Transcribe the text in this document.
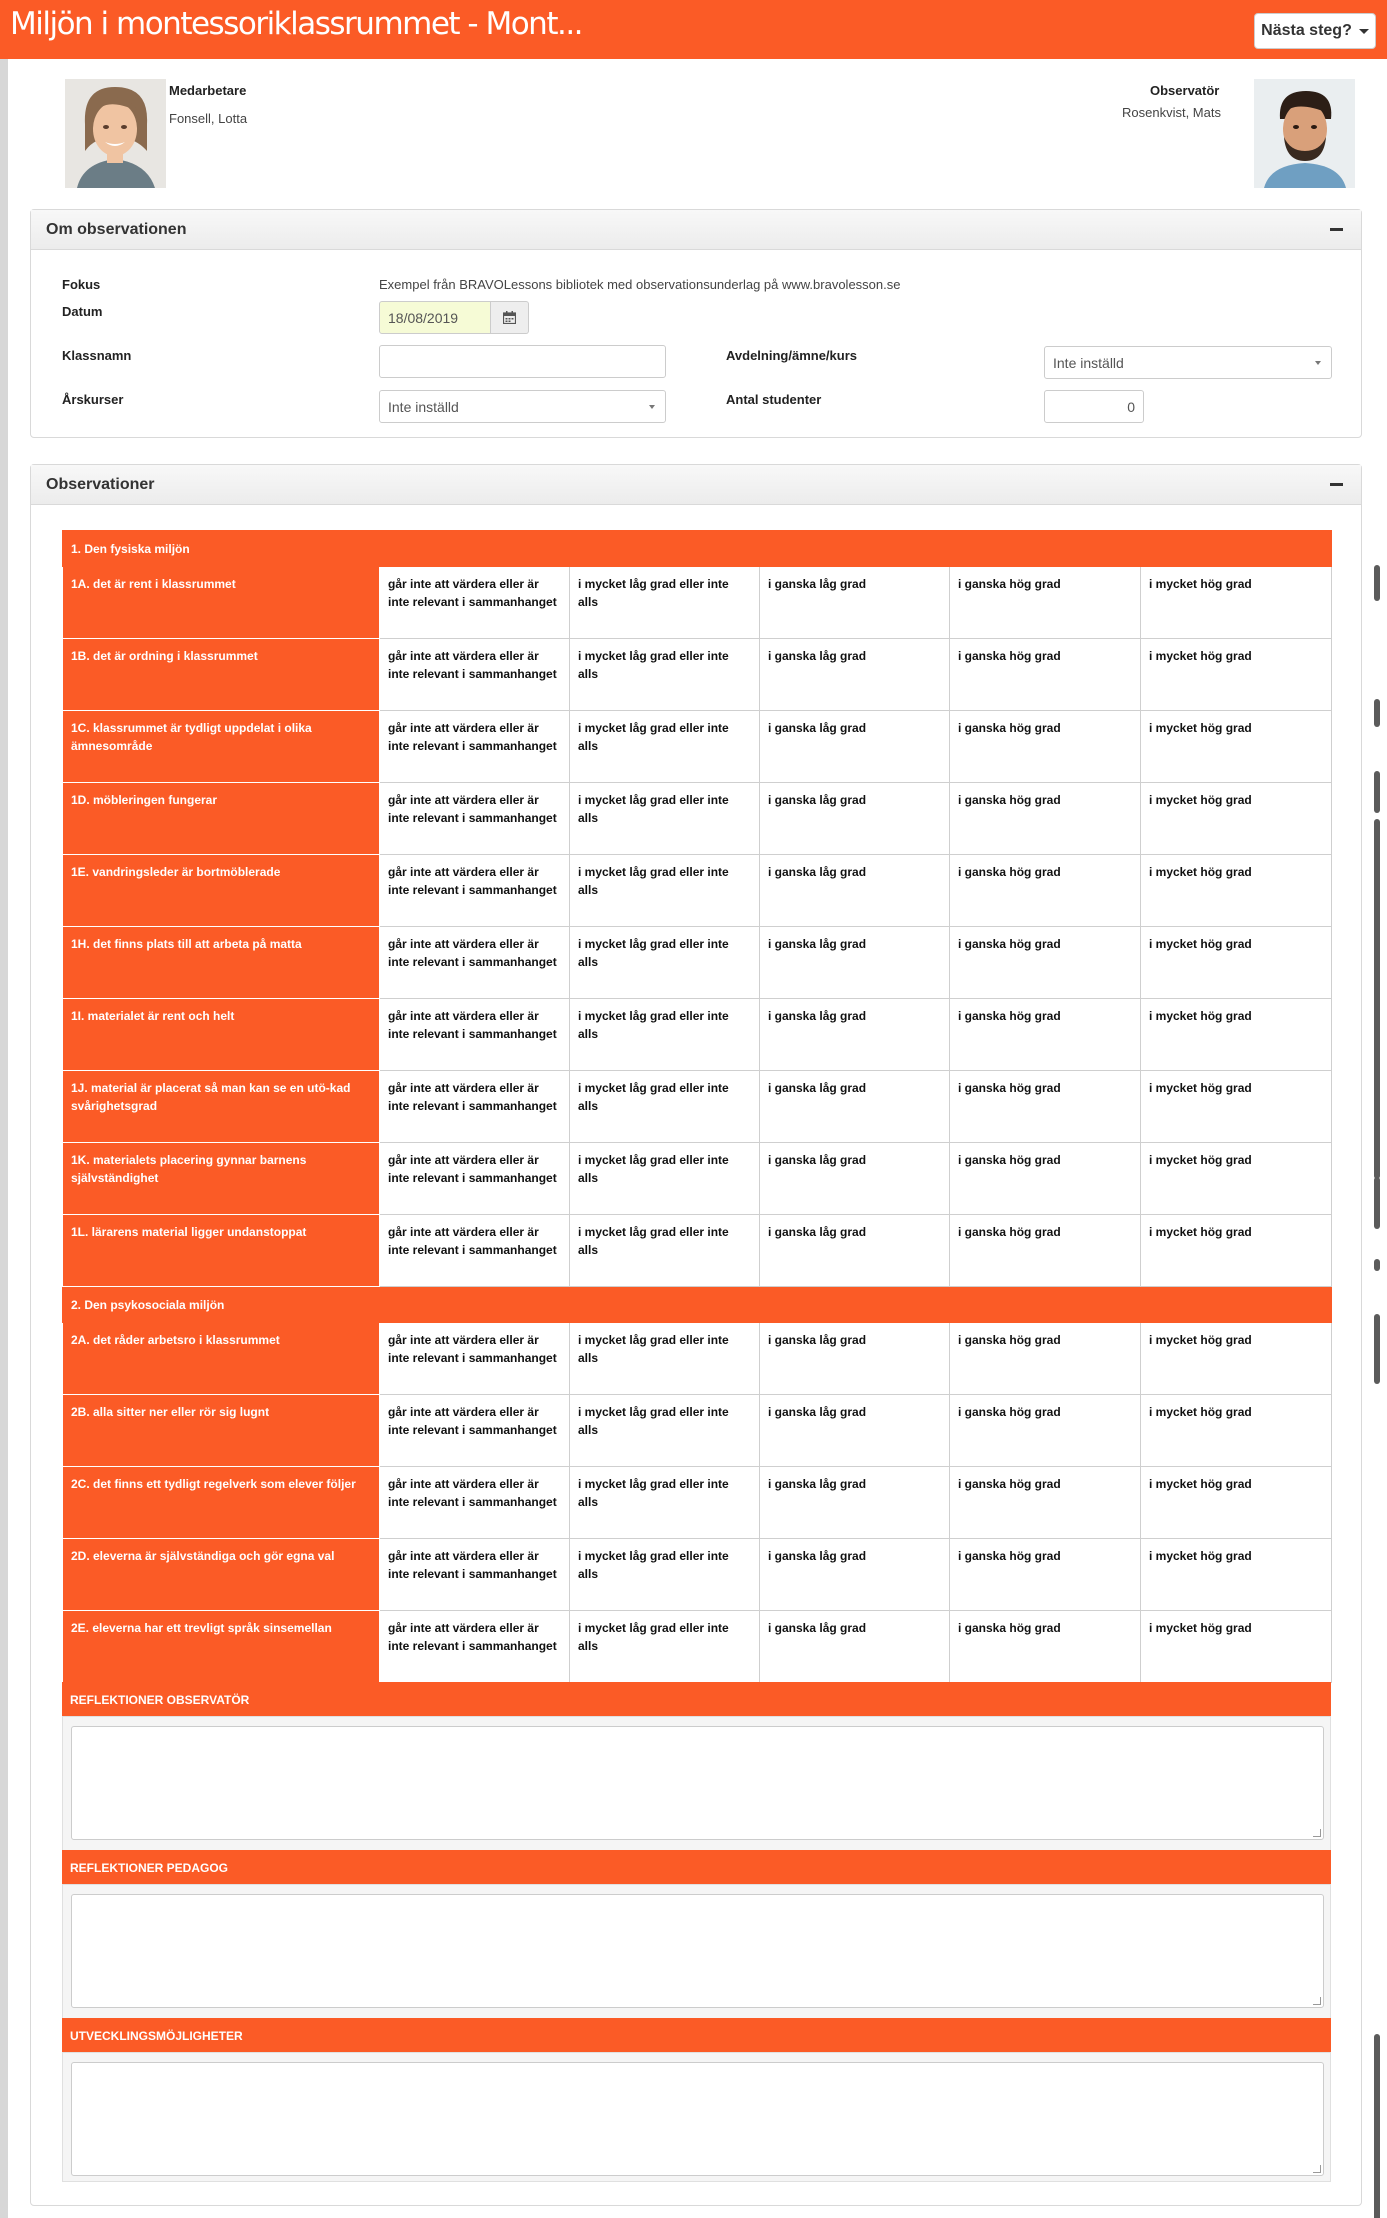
Miljön i montessoriklassrummet - Mont...	Nästa steg?
Medarbetare
Fonsell, Lotta
Observatör
Rosenkvist, Mats
Om observationen
Fokus	Exempel från BRAVOLessons bibliotek med observationsunderlag på www.bravolesson.se
Datum	18/08/2019
Klassnamn	Avdelning/ämne/kurs	Inte inställd
Årskurser	Inte inställd	Antal studenter	0
Observationer
1. Den fysiska miljön					
1A. det är rent i klassrummet	går inte att värdera eller är inte relevant i sammanhanget	i mycket låg grad eller inte alls	i ganska låg grad	i ganska hög grad	i mycket hög grad
1B. det är ordning i klassrummet	går inte att värdera eller är inte relevant i sammanhanget	i mycket låg grad eller inte alls	i ganska låg grad	i ganska hög grad	i mycket hög grad
1C. klassrummet är tydligt uppdelat i olika ämnesområde	går inte att värdera eller är inte relevant i sammanhanget	i mycket låg grad eller inte alls	i ganska låg grad	i ganska hög grad	i mycket hög grad
1D. möbleringen fungerar	går inte att värdera eller är inte relevant i sammanhanget	i mycket låg grad eller inte alls	i ganska låg grad	i ganska hög grad	i mycket hög grad
1E. vandringsleder är bortmöblerade	går inte att värdera eller är inte relevant i sammanhanget	i mycket låg grad eller inte alls	i ganska låg grad	i ganska hög grad	i mycket hög grad
1H. det finns plats till att arbeta på matta	går inte att värdera eller är inte relevant i sammanhanget	i mycket låg grad eller inte alls	i ganska låg grad	i ganska hög grad	i mycket hög grad
1I. materialet är rent och helt	går inte att värdera eller är inte relevant i sammanhanget	i mycket låg grad eller inte alls	i ganska låg grad	i ganska hög grad	i mycket hög grad
1J. material är placerat så man kan se en utö-kad svårighetsgrad	går inte att värdera eller är inte relevant i sammanhanget	i mycket låg grad eller inte alls	i ganska låg grad	i ganska hög grad	i mycket hög grad
1K. materialets placering gynnar barnens självständighet	går inte att värdera eller är inte relevant i sammanhanget	i mycket låg grad eller inte alls	i ganska låg grad	i ganska hög grad	i mycket hög grad
1L. lärarens material ligger undanstoppat	går inte att värdera eller är inte relevant i sammanhanget	i mycket låg grad eller inte alls	i ganska låg grad	i ganska hög grad	i mycket hög grad
2. Den psykosociala miljön					
2A. det råder arbetsro i klassrummet	går inte att värdera eller är inte relevant i sammanhanget	i mycket låg grad eller inte alls	i ganska låg grad	i ganska hög grad	i mycket hög grad
2B. alla sitter ner eller rör sig lugnt	går inte att värdera eller är inte relevant i sammanhanget	i mycket låg grad eller inte alls	i ganska låg grad	i ganska hög grad	i mycket hög grad
2C. det finns ett tydligt regelverk som elever följer	går inte att värdera eller är inte relevant i sammanhanget	i mycket låg grad eller inte alls	i ganska låg grad	i ganska hög grad	i mycket hög grad
2D. eleverna är självständiga och gör egna val	går inte att värdera eller är inte relevant i sammanhanget	i mycket låg grad eller inte alls	i ganska låg grad	i ganska hög grad	i mycket hög grad
2E. eleverna har ett trevligt språk sinsemellan	går inte att värdera eller är inte relevant i sammanhanget	i mycket låg grad eller inte alls	i ganska låg grad	i ganska hög grad	i mycket hög grad
REFLEKTIONER OBSERVATÖR
REFLEKTIONER PEDAGOG
UTVECKLINGSMÖJLIGHETER
